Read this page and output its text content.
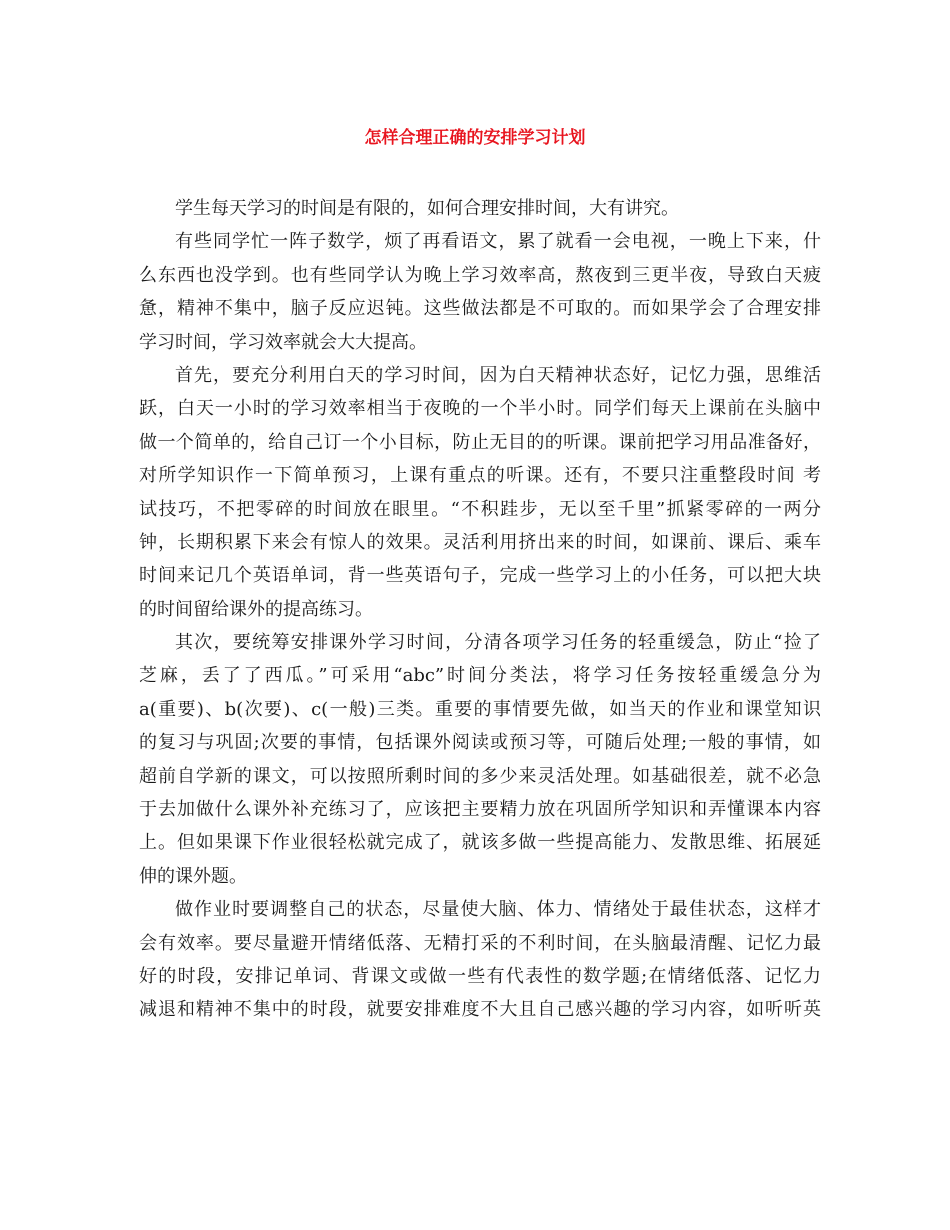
怎样合理正确的安排学习计划

学生每天学习的时间是有限的，如何合理安排时间，大有讲究。

有些同学忙一阵子数学，烦了再看语文，累了就看一会电视，一晚上下来，什
么东西也没学到。也有些同学认为晚上学习效率高，熬夜到三更半夜，导致白天疲
惫，精神不集中，脑子反应迟钝。这些做法都是不可取的。而如果学会了合理安排
学习时间，学习效率就会大大提高。

首先，要充分利用白天的学习时间，因为白天精神状态好，记忆力强，思维活
跃，白天一小时的学习效率相当于夜晚的一个半小时。同学们每天上课前在头脑中
做一个简单的，给自己订一个小目标，防止无目的的听课。课前把学习用品准备好，
对所学知识作一下简单预习，上课有重点的听课。还有，不要只注重整段时间 考
试技巧，不把零碎的时间放在眼里。“不积跬步，无以至千里”抓紧零碎的一两分
钟，长期积累下来会有惊人的效果。灵活利用挤出来的时间，如课前、课后、乘车
时间来记几个英语单词，背一些英语句子，完成一些学习上的小任务，可以把大块
的时间留给课外的提高练习。

其次，要统筹安排课外学习时间，分清各项学习任务的轻重缓急，防止“捡了
芝麻，丢了了西瓜。”可采用“abc”时间分类法，将学习任务按轻重缓急分为
a(重要)、b(次要)、c(一般)三类。重要的事情要先做，如当天的作业和课堂知识
的复习与巩固;次要的事情，包括课外阅读或预习等，可随后处理;一般的事情，如
超前自学新的课文，可以按照所剩时间的多少来灵活处理。如基础很差，就不必急
于去加做什么课外补充练习了，应该把主要精力放在巩固所学知识和弄懂课本内容
上。但如果课下作业很轻松就完成了，就该多做一些提高能力、发散思维、拓展延
伸的课外题。

做作业时要调整自己的状态，尽量使大脑、体力、情绪处于最佳状态，这样才
会有效率。要尽量避开情绪低落、无精打采的不利时间，在头脑最清醒、记忆力最
好的时段，安排记单词、背课文或做一些有代表性的数学题;在情绪低落、记忆力
减退和精神不集中的时段，就要安排难度不大且自己感兴趣的学习内容，如听听英
